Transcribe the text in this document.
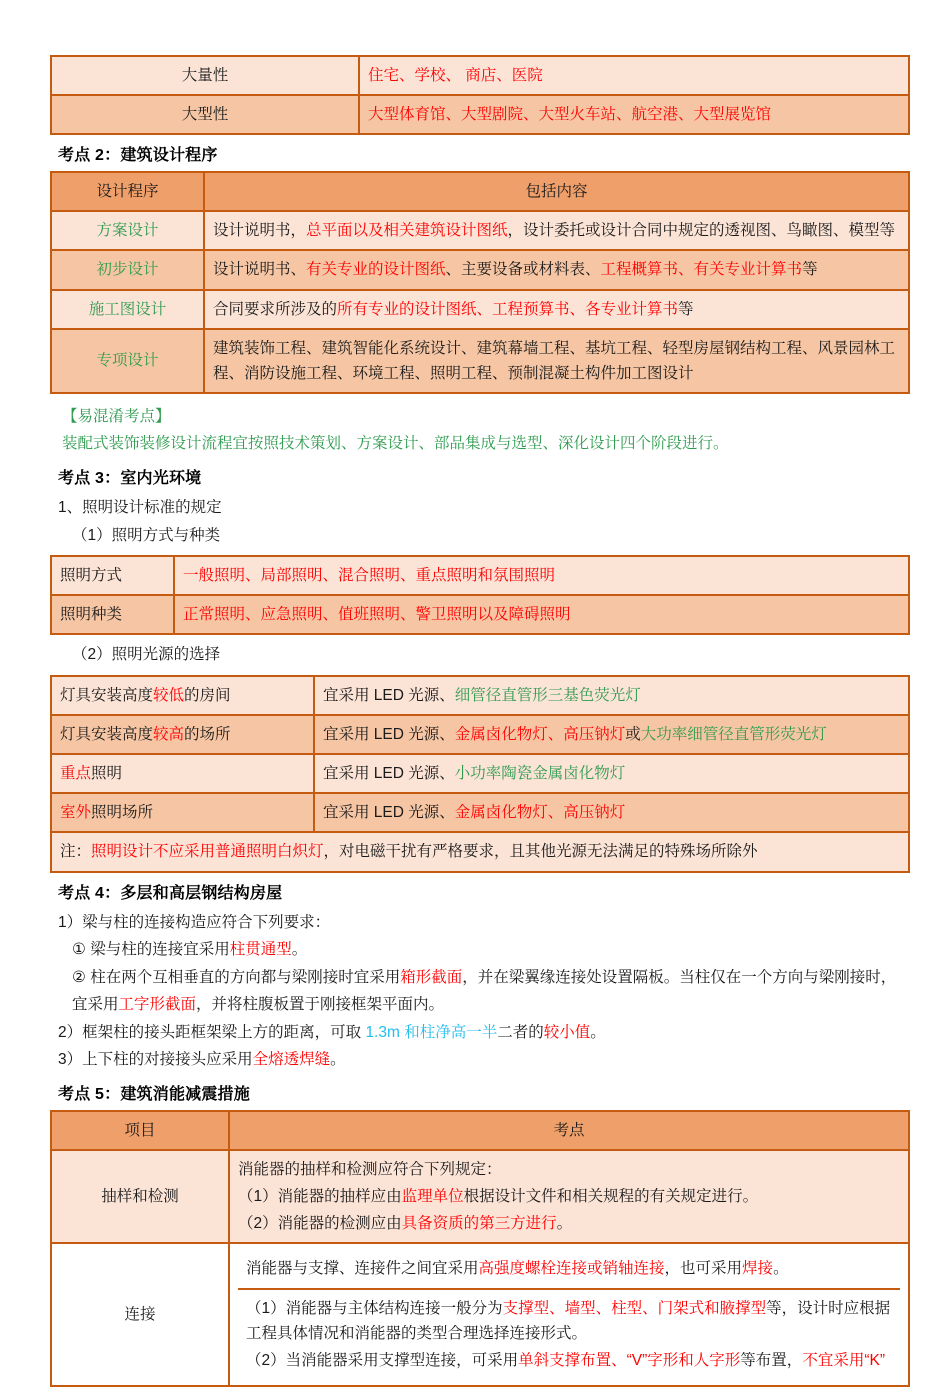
大量性	住宅、学校、 商店、医院
大型性	大型体育馆、大型剧院、大型火车站、航空港、大型展览馆
考点 2：建筑设计程序
设计程序	包括内容
方案设计	设计说明书，总平面以及相关建筑设计图纸，设计委托或设计合同中规定的透视图、鸟瞰图、模型等
初步设计	设计说明书、有关专业的设计图纸、主要设备或材料表、工程概算书、有关专业计算书等
施工图设计	合同要求所涉及的所有专业的设计图纸、工程预算书、各专业计算书等
专项设计	建筑装饰工程、建筑智能化系统设计、建筑幕墙工程、基坑工程、轻型房屋钢结构工程、风景园林工程、消防设施工程、环境工程、照明工程、预制混凝土构件加工图设计
【易混淆考点】
装配式装饰装修设计流程宜按照技术策划、方案设计、部品集成与选型、深化设计四个阶段进行。
考点 3：室内光环境
1、照明设计标准的规定
（1）照明方式与种类
照明方式	一般照明、局部照明、混合照明、重点照明和氛围照明
照明种类	正常照明、应急照明、值班照明、警卫照明以及障碍照明
（2）照明光源的选择
灯具安装高度较低的房间	宜采用 LED 光源、细管径直管形三基色荧光灯
灯具安装高度较高的场所	宜采用 LED 光源、金属卤化物灯、高压钠灯或大功率细管径直管形荧光灯
重点照明	宜采用 LED 光源、小功率陶瓷金属卤化物灯
室外照明场所	宜采用 LED 光源、金属卤化物灯、高压钠灯
注：照明设计不应采用普通照明白炽灯，对电磁干扰有严格要求，且其他光源无法满足的特殊场所除外	
考点 4：多层和高层钢结构房屋
1）梁与柱的连接构造应符合下列要求：
① 梁与柱的连接宜采用柱贯通型。
② 柱在两个互相垂直的方向都与梁刚接时宜采用箱形截面，并在梁翼缘连接处设置隔板。当柱仅在一个方向与梁刚接时，宜采用工字形截面，并将柱腹板置于刚接框架平面内。
2）框架柱的接头距框架梁上方的距离，可取 1.3m 和柱净高一半二者的较小值。
3）上下柱的对接接头应采用全熔透焊缝。
考点 5：建筑消能减震措施
项目	考点
抽样和检测	消能器的抽样和检测应符合下列规定：
（1）消能器的抽样应由监理单位根据设计文件和相关规程的有关规定进行。
（2）消能器的检测应由具备资质的第三方进行。

连接	消能器与支撑、连接件之间宜采用高强度螺栓连接或销轴连接，也可采用焊接。
（1）消能器与主体结构连接一般分为支撑型、墙型、柱型、门架式和腋撑型等，设计时应根据工程具体情况和消能器的类型合理选择连接形式。
（2）当消能器采用支撑型连接，可采用单斜支撑布置、“V”字形和人字形等布置，不宜采用“K”
